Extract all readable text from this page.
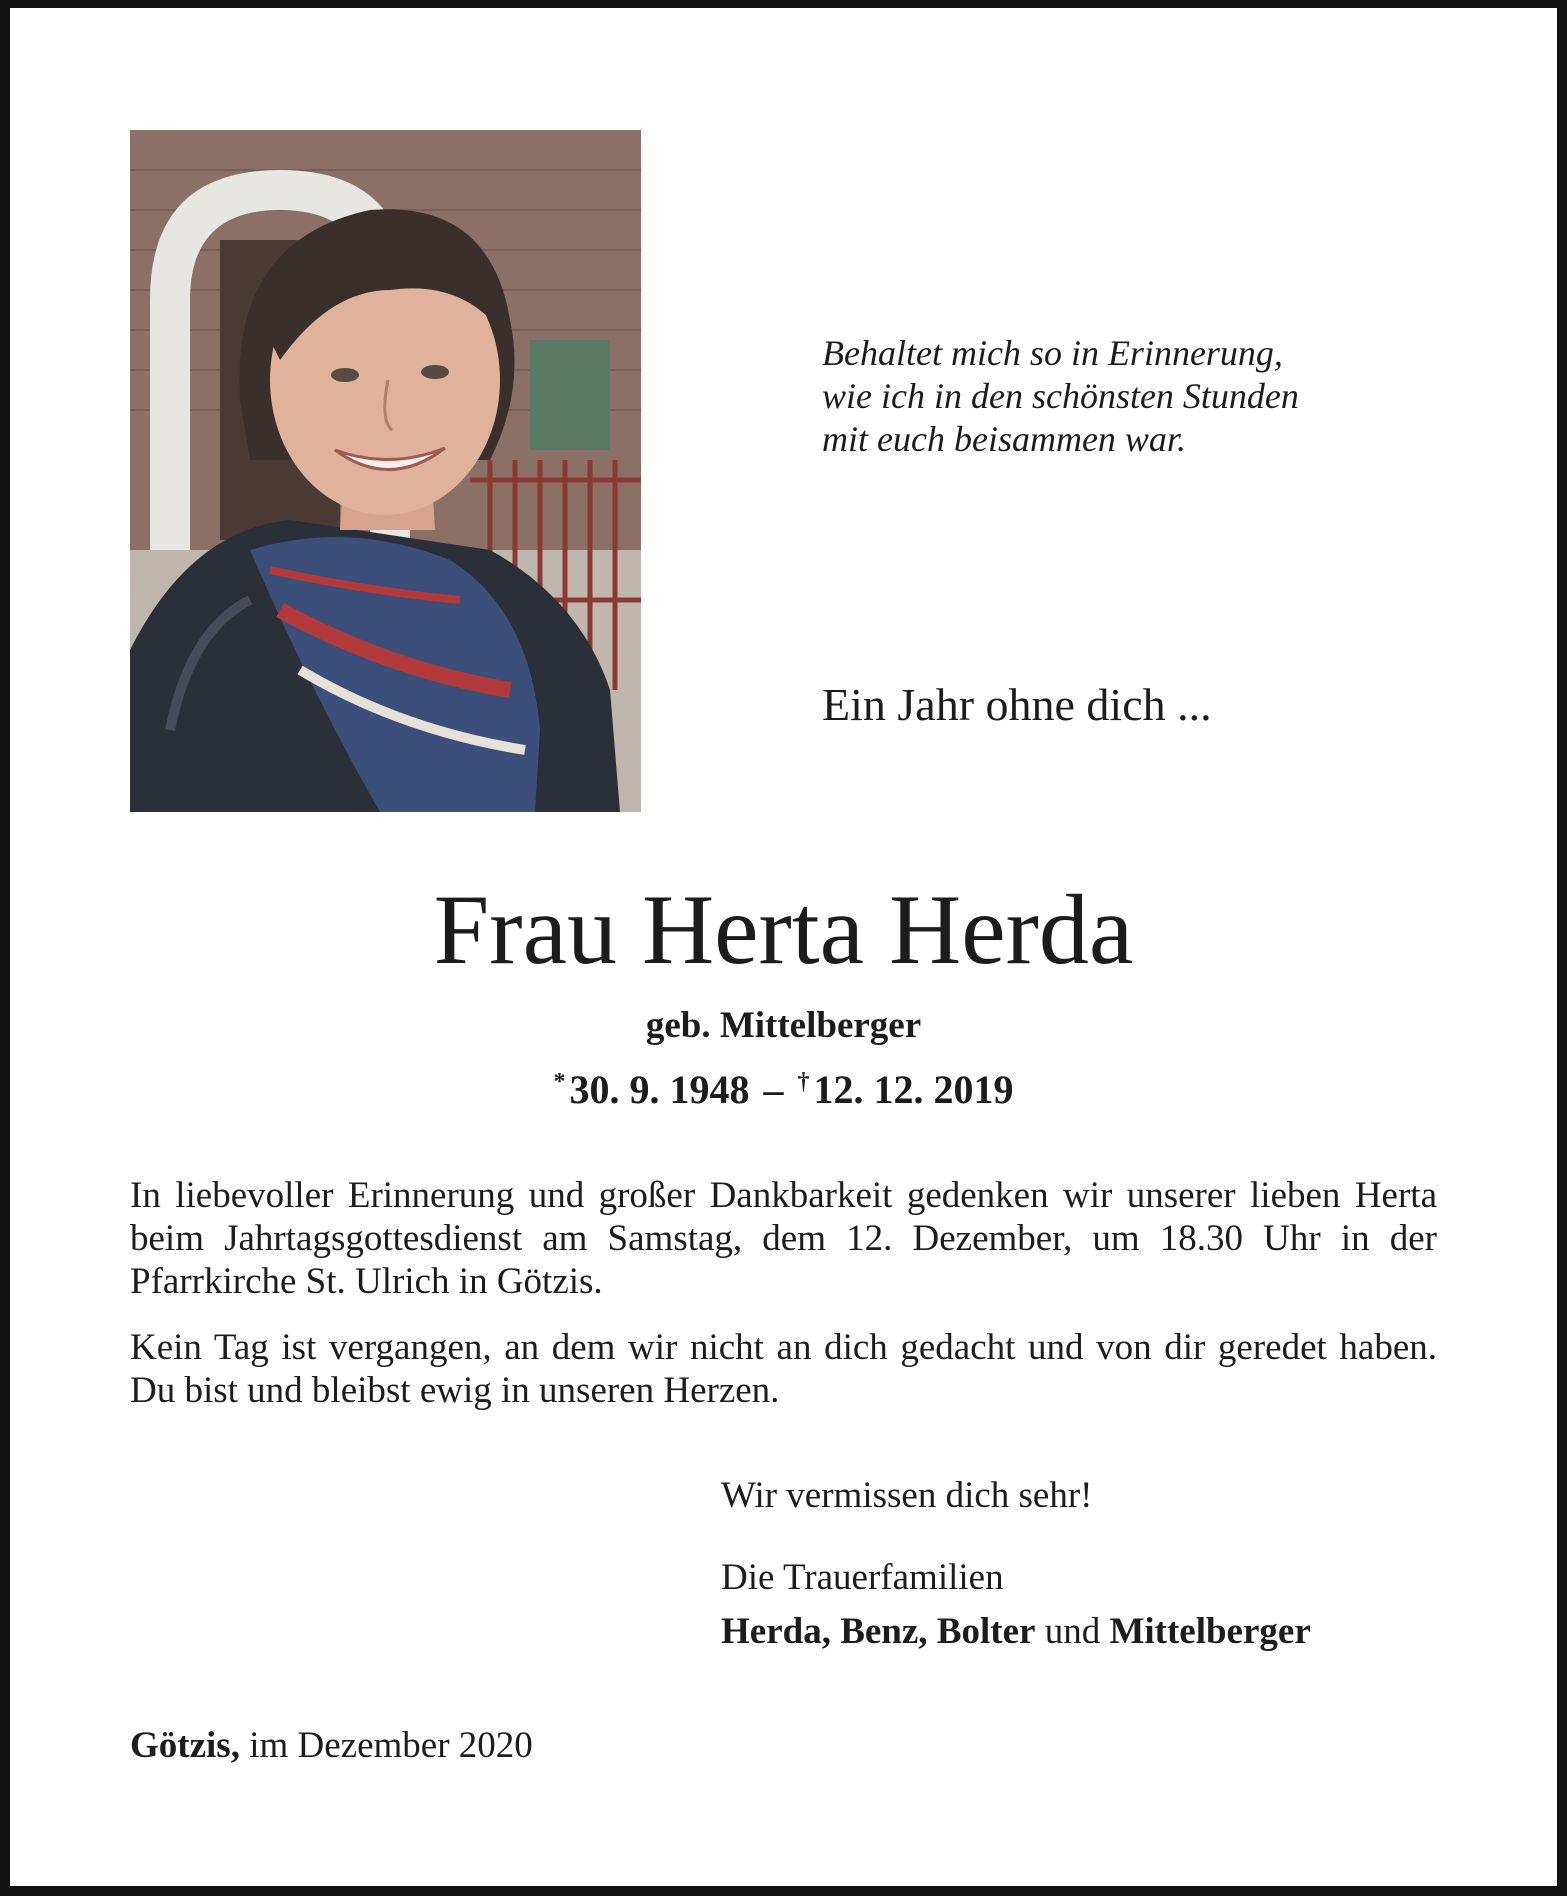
Behaltet mich so in Erinnerung,
wie ich in den schönsten Stunden
mit euch beisammen war.
Ein Jahr ohne dich ...
Frau Herta Herda
geb. Mittelberger
* 30. 9. 1948 – † 12. 12. 2019
In liebevoller Erinnerung und großer Dankbarkeit gedenken wir unserer lieben Herta beim Jahrtagsgottesdienst am Samstag, dem 12. Dezember, um 18.30 Uhr in der Pfarrkirche St. Ulrich in Götzis.
Kein Tag ist vergangen, an dem wir nicht an dich gedacht und von dir geredet haben. Du bist und bleibst ewig in unseren Herzen.
Wir vermissen dich sehr!
Die Trauerfamilien
Herda, Benz, Bolter und Mittelberger
Götzis, im Dezember 2020
